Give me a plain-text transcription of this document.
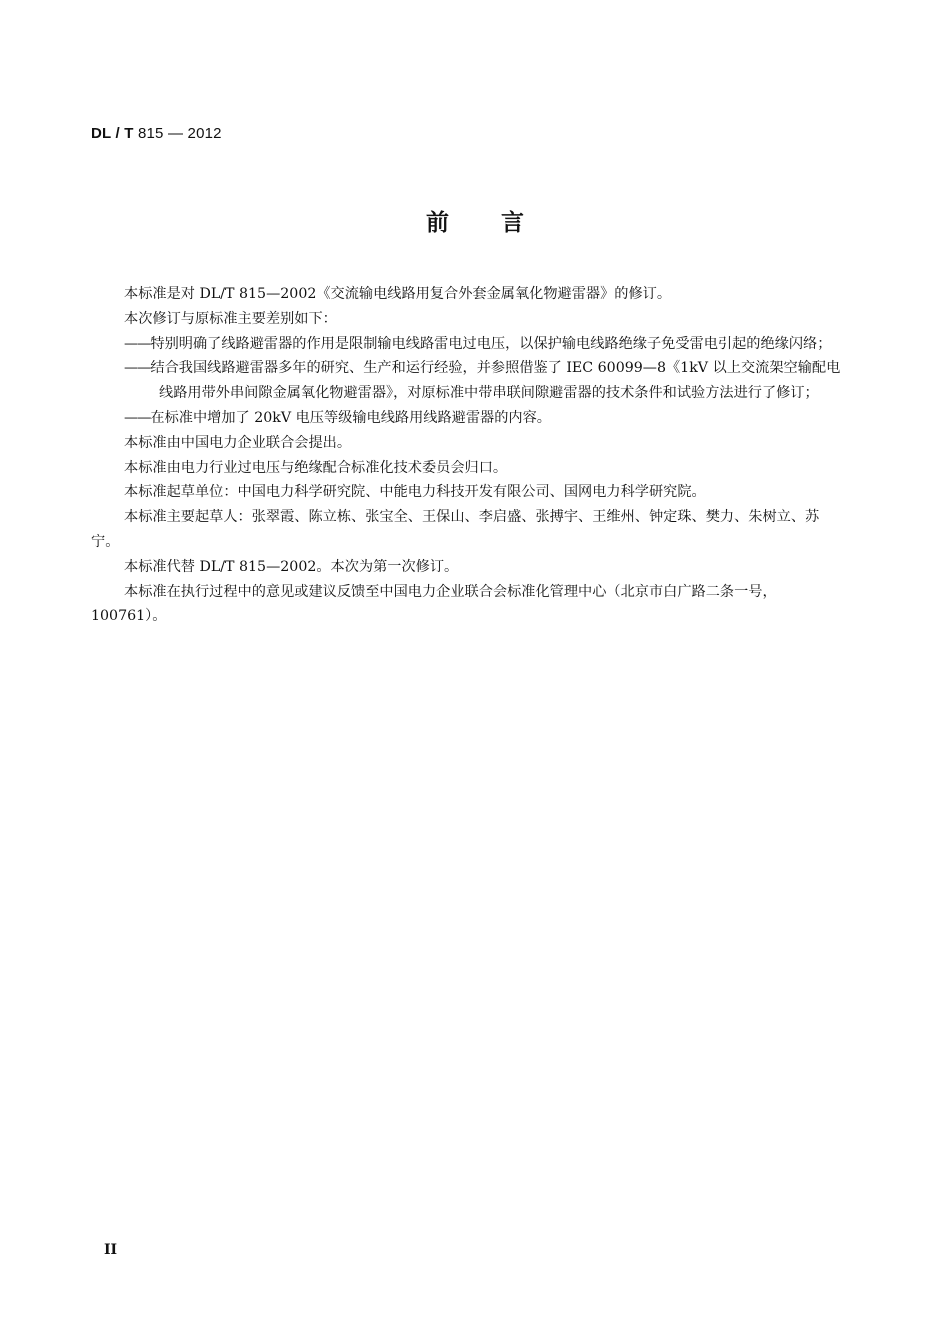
DL / T 815 — 2012
前言

本标准是对 DL/T 815—2002《交流输电线路用复合外套金属氧化物避雷器》的修订。

本次修订与原标准主要差别如下：

——特别明确了线路避雷器的作用是限制输电线路雷电过电压，以保护输电线路绝缘子免受雷电引起的绝缘闪络；

——结合我国线路避雷器多年的研究、生产和运行经验，并参照借鉴了 IEC 60099—8《1kV 以上交流架空输配电线路用带外串间隙金属氧化物避雷器》，对原标准中带串联间隙避雷器的技术条件和试验方法进行了修订；

——在标准中增加了 20kV 电压等级输电线路用线路避雷器的内容。

本标准由中国电力企业联合会提出。

本标准由电力行业过电压与绝缘配合标准化技术委员会归口。

本标准起草单位：中国电力科学研究院、中能电力科技开发有限公司、国网电力科学研究院。

本标准主要起草人：张翠霞、陈立栋、张宝全、王保山、李启盛、张搏宇、王维州、钟定珠、樊力、朱树立、苏宁。

本标准代替 DL/T 815—2002。本次为第一次修订。

本标准在执行过程中的意见或建议反馈至中国电力企业联合会标准化管理中心（北京市白广路二条一号，100761）。

II
